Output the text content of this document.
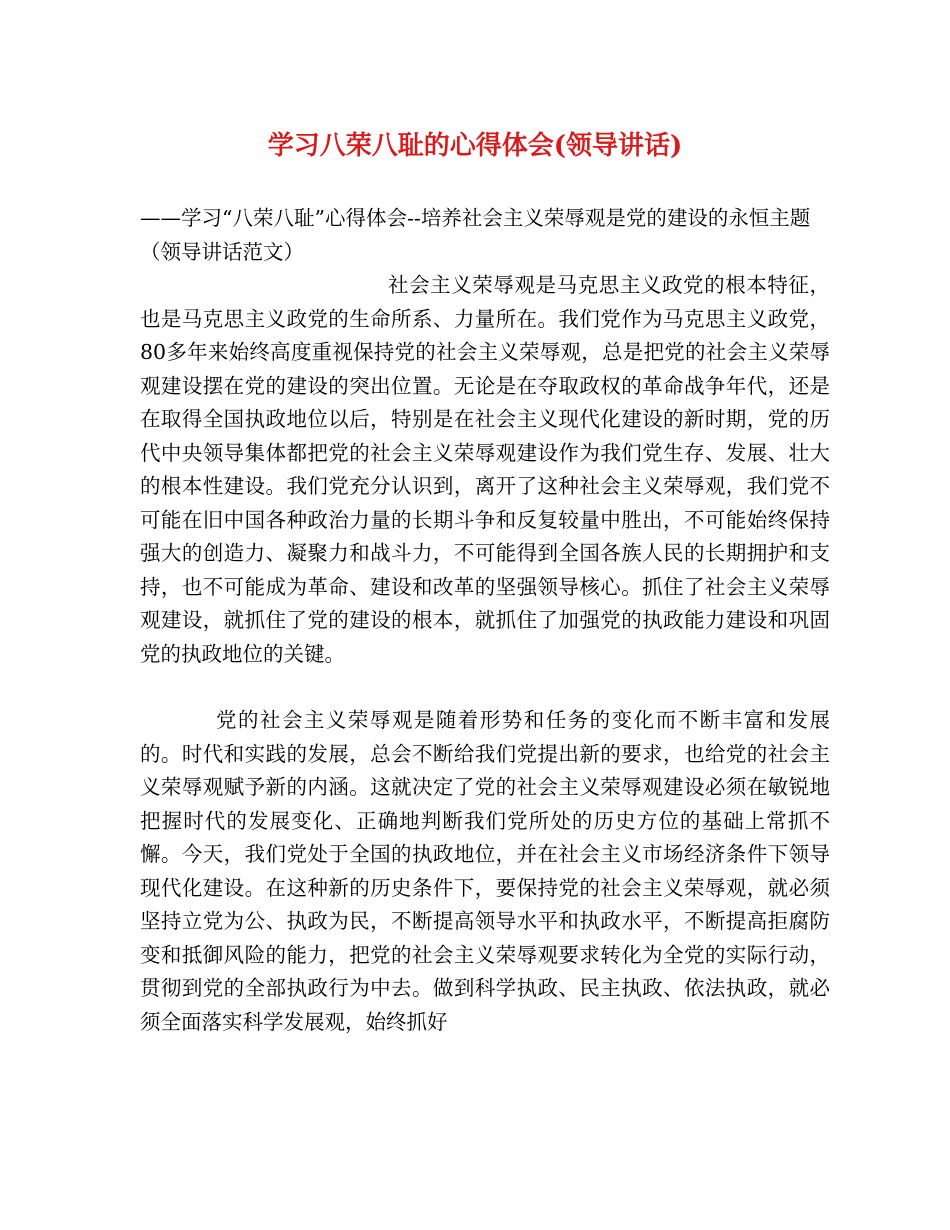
学习八荣八耻的心得体会(领导讲话)

——学习“八荣八耻”心得体会--培养社会主义荣辱观是党的建设的永恒主题（领导讲话范文）

社会主义荣辱观是马克思主义政党的根本特征，也是马克思主义政党的生命所系、力量所在。我们党作为马克思主义政党，80多年来始终高度重视保持党的社会主义荣辱观，总是把党的社会主义荣辱观建设摆在党的建设的突出位置。无论是在夺取政权的革命战争年代，还是在取得全国执政地位以后，特别是在社会主义现代化建设的新时期，党的历代中央领导集体都把党的社会主义荣辱观建设作为我们党生存、发展、壮大的根本性建设。我们党充分认识到，离开了这种社会主义荣辱观，我们党不可能在旧中国各种政治力量的长期斗争和反复较量中胜出，不可能始终保持强大的创造力、凝聚力和战斗力，不可能得到全国各族人民的长期拥护和支持，也不可能成为革命、建设和改革的坚强领导核心。抓住了社会主义荣辱观建设，就抓住了党的建设的根本，就抓住了加强党的执政能力建设和巩固党的执政地位的关键。

党的社会主义荣辱观是随着形势和任务的变化而不断丰富和发展的。时代和实践的发展，总会不断给我们党提出新的要求，也给党的社会主义荣辱观赋予新的内涵。这就决定了党的社会主义荣辱观建设必须在敏锐地把握时代的发展变化、正确地判断我们党所处的历史方位的基础上常抓不懈。今天，我们党处于全国的执政地位，并在社会主义市场经济条件下领导现代化建设。在这种新的历史条件下，要保持党的社会主义荣辱观，就必须坚持立党为公、执政为民，不断提高领导水平和执政水平，不断提高拒腐防变和抵御风险的能力，把党的社会主义荣辱观要求转化为全党的实际行动，贯彻到党的全部执政行为中去。做到科学执政、民主执政、依法执政，就必须全面落实科学发展观，始终抓好
